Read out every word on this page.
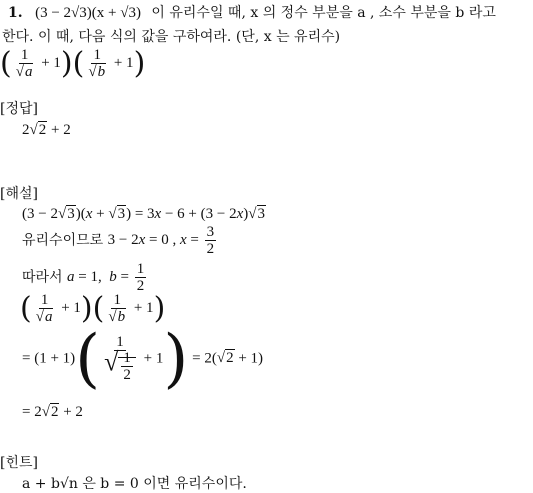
1. (3 − 2√3)(x + √3) 이 유리수일 때, x 의 정수 부분을 a , 소수 부분을 b 라고
한다. 이 때, 다음 식의 값을 구하여라. (단, x 는 유리수)
( $\frac{1}{√a} + 1)( \frac{1}{√b} + 1)$
[정답]
2√2 + 2
[해설]
(3 − 2√3)(x + √3) = 3x − 6 + (3 − 2x)√3
유리수이므로 3 − 2x = 0 , $x = \frac{3}{2}$
따라서 a = 1,  $b = \frac{1}{2}$
( $\frac{1}{√a} + 1)( \frac{1}{√b} + 1)$
= $(1 + 1)( \frac{1}{√ \frac{1}{2}} + 1) = 2(√2 + 1)$
= 2√2 + 2
[힌트]
a + b√n 은 b = 0 이면 유리수이다.
